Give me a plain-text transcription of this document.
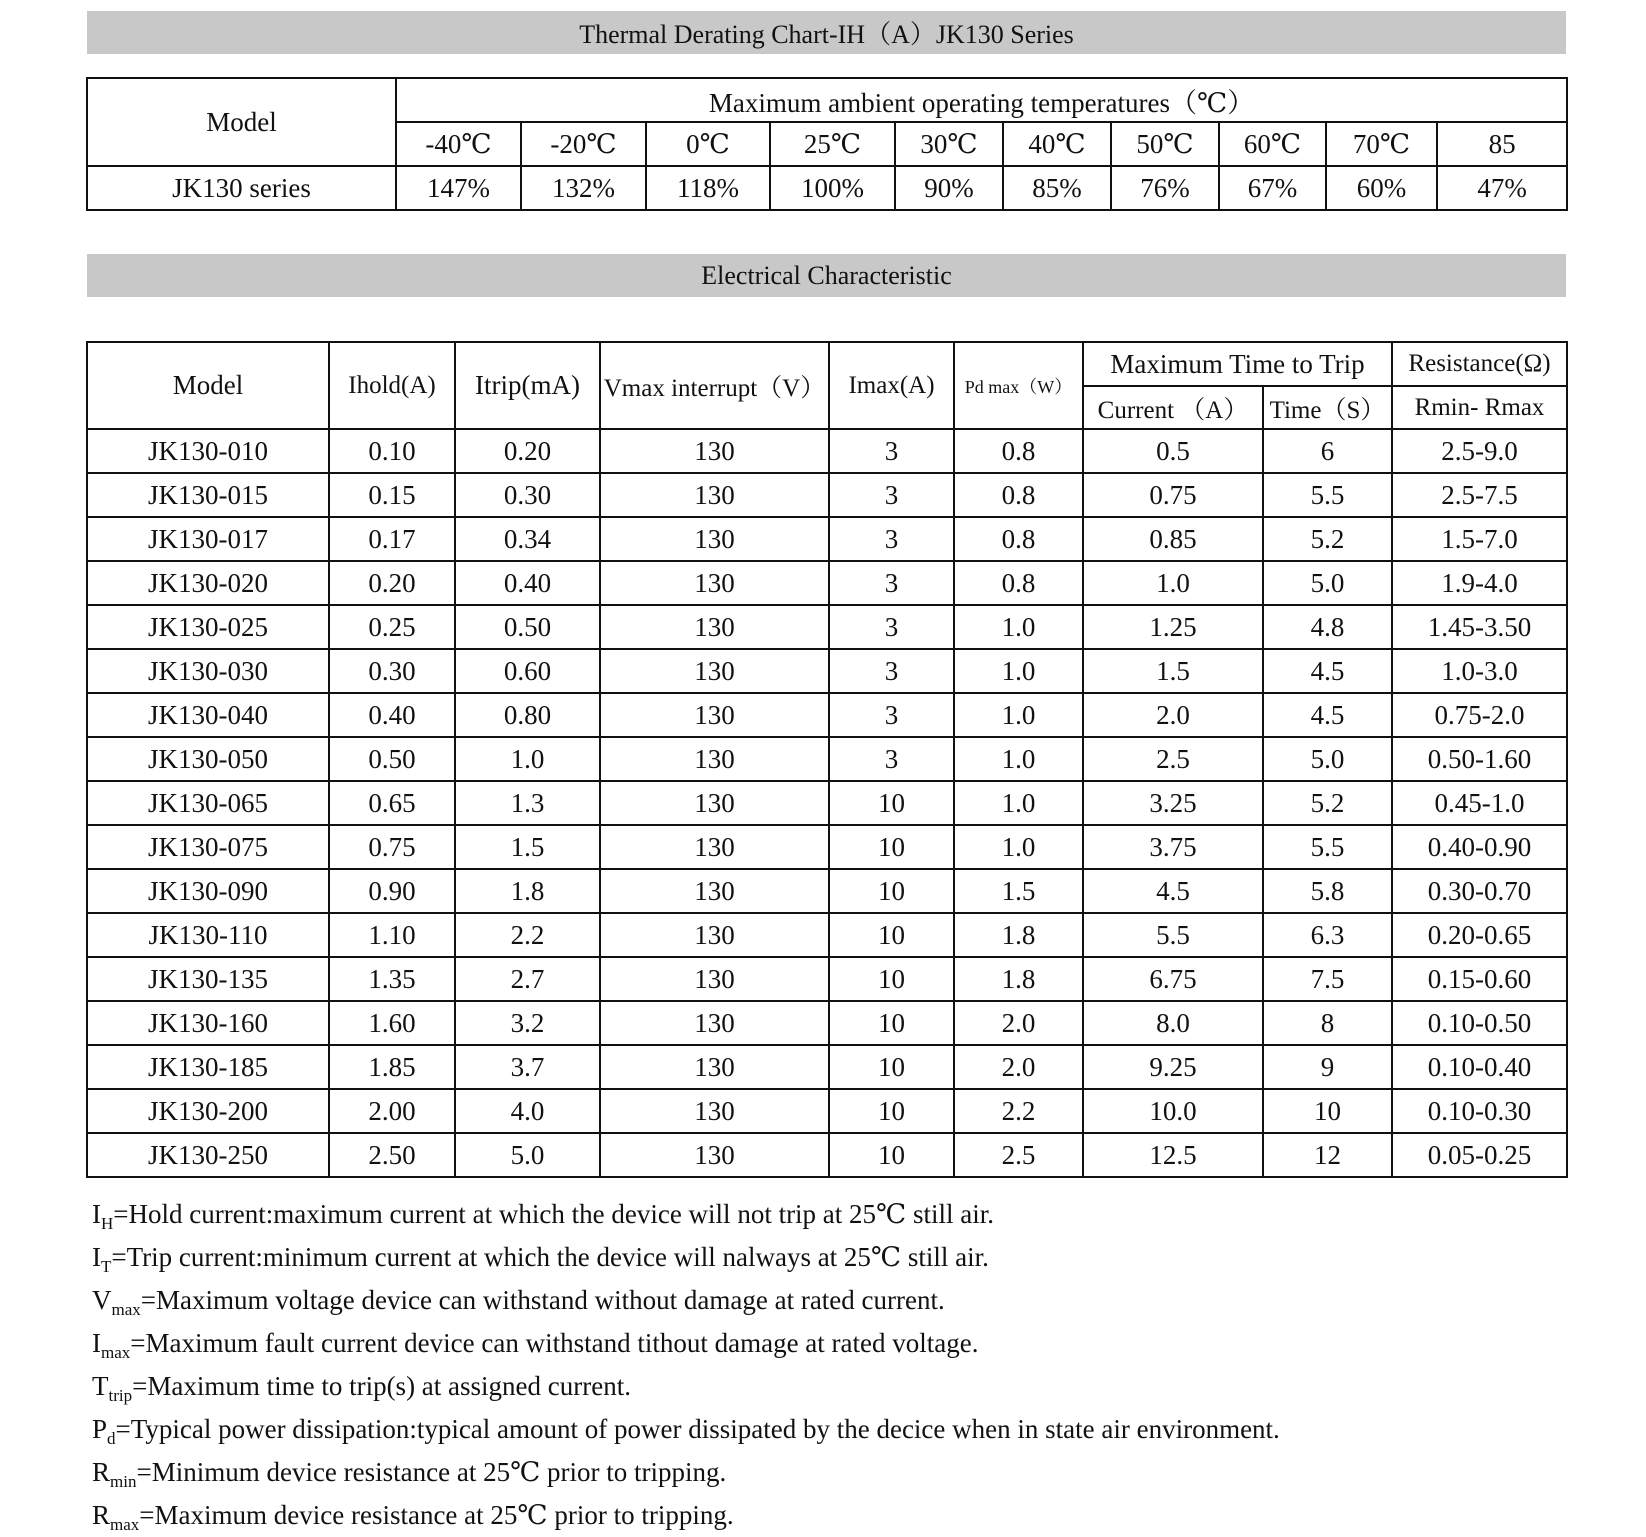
Thermal Derating Chart-IH（A）JK130 Series
Model	Maximum ambient operating temperatures（℃）									
	-40℃	-20℃	0℃	25℃	30℃	40℃	50℃	60℃	70℃	85
JK130 series	147%	132%	118%	100%	90%	85%	76%	67%	60%	47%
Electrical Characteristic
Model	Ihold(A)	Itrip(mA)	Vmax interrupt（V）	Imax(A)	Pd max（W）	Maximum Time to Trip		Resistance(Ω)
						Current （A）	Time（S）	Rmin- Rmax
JK130-010	0.10	0.20	130	3	0.8	0.5	6	2.5-9.0
JK130-015	0.15	0.30	130	3	0.8	0.75	5.5	2.5-7.5
JK130-017	0.17	0.34	130	3	0.8	0.85	5.2	1.5-7.0
JK130-020	0.20	0.40	130	3	0.8	1.0	5.0	1.9-4.0
JK130-025	0.25	0.50	130	3	1.0	1.25	4.8	1.45-3.50
JK130-030	0.30	0.60	130	3	1.0	1.5	4.5	1.0-3.0
JK130-040	0.40	0.80	130	3	1.0	2.0	4.5	0.75-2.0
JK130-050	0.50	1.0	130	3	1.0	2.5	5.0	0.50-1.60
JK130-065	0.65	1.3	130	10	1.0	3.25	5.2	0.45-1.0
JK130-075	0.75	1.5	130	10	1.0	3.75	5.5	0.40-0.90
JK130-090	0.90	1.8	130	10	1.5	4.5	5.8	0.30-0.70
JK130-110	1.10	2.2	130	10	1.8	5.5	6.3	0.20-0.65
JK130-135	1.35	2.7	130	10	1.8	6.75	7.5	0.15-0.60
JK130-160	1.60	3.2	130	10	2.0	8.0	8	0.10-0.50
JK130-185	1.85	3.7	130	10	2.0	9.25	9	0.10-0.40
JK130-200	2.00	4.0	130	10	2.2	10.0	10	0.10-0.30
JK130-250	2.50	5.0	130	10	2.5	12.5	12	0.05-0.25
$I_H=Hold$ current:maximum current at which the device will not trip at 25℃ still air.
$I_T=Trip$ current:minimum current at which the device will nalways at 25℃ still air.
$V_{max}=Maximum$ voltage device can withstand without damage at rated current.
$I_{max}=Maximum$ fault current device can withstand tithout damage at rated voltage.
$T_{trip}=Maximum$ time to trip(s) at assigned current.
$P_d=Typical$ power dissipation:typical amount of power dissipated by the decice when in state air environment.
$R_{min}=Minimum$ device resistance at 25℃ prior to tripping.
$R_{max}=Maximum$ device resistance at 25℃ prior to tripping.
